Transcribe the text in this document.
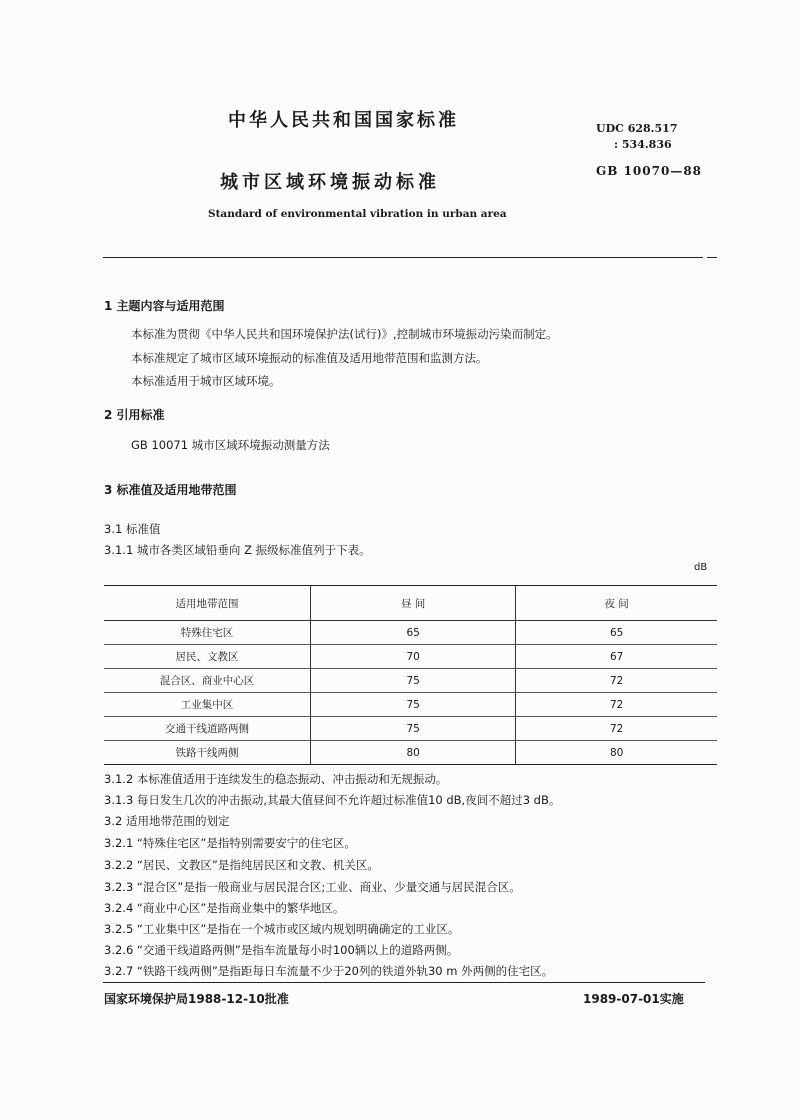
中华人民共和国国家标准
城市区域环境振动标准
Standard of environmental vibration in urban area
UDC 628.517
: 534.836
GB 10070—88
1 主题内容与适用范围
本标准为贯彻《中华人民共和国环境保护法(试行)》,控制城市环境振动污染而制定。
本标准规定了城市区域环境振动的标准值及适用地带范围和监测方法。
本标准适用于城市区域环境。
2 引用标准
GB 10071 城市区域环境振动测量方法
3 标准值及适用地带范围
3.1 标准值
3.1.1 城市各类区域铅垂向 Z 振级标准值列于下表。
dB
适用地带范围	昼 间	夜 间
特殊住宅区	65	65
居民、文教区	70	67
混合区、商业中心区	75	72
工业集中区	75	72
交通干线道路两侧	75	72
铁路干线两侧	80	80
3.1.2 本标准值适用于连续发生的稳态振动、冲击振动和无规振动。
3.1.3 每日发生几次的冲击振动,其最大值昼间不允许超过标准值10 dB,夜间不超过3 dB。
3.2 适用地带范围的划定
3.2.1 “特殊住宅区”是指特别需要安宁的住宅区。
3.2.2 “居民、文教区”是指纯居民区和文教、机关区。
3.2.3 “混合区”是指一般商业与居民混合区;工业、商业、少量交通与居民混合区。
3.2.4 “商业中心区”是指商业集中的繁华地区。
3.2.5 “工业集中区”是指在一个城市或区域内规划明确确定的工业区。
3.2.6 “交通干线道路两侧”是指车流量每小时100辆以上的道路两侧。
3.2.7 “铁路干线两侧”是指距每日车流量不少于20列的铁道外轨30 m 外两侧的住宅区。
国家环境保护局1988-12-10批准	1989-07-01实施
